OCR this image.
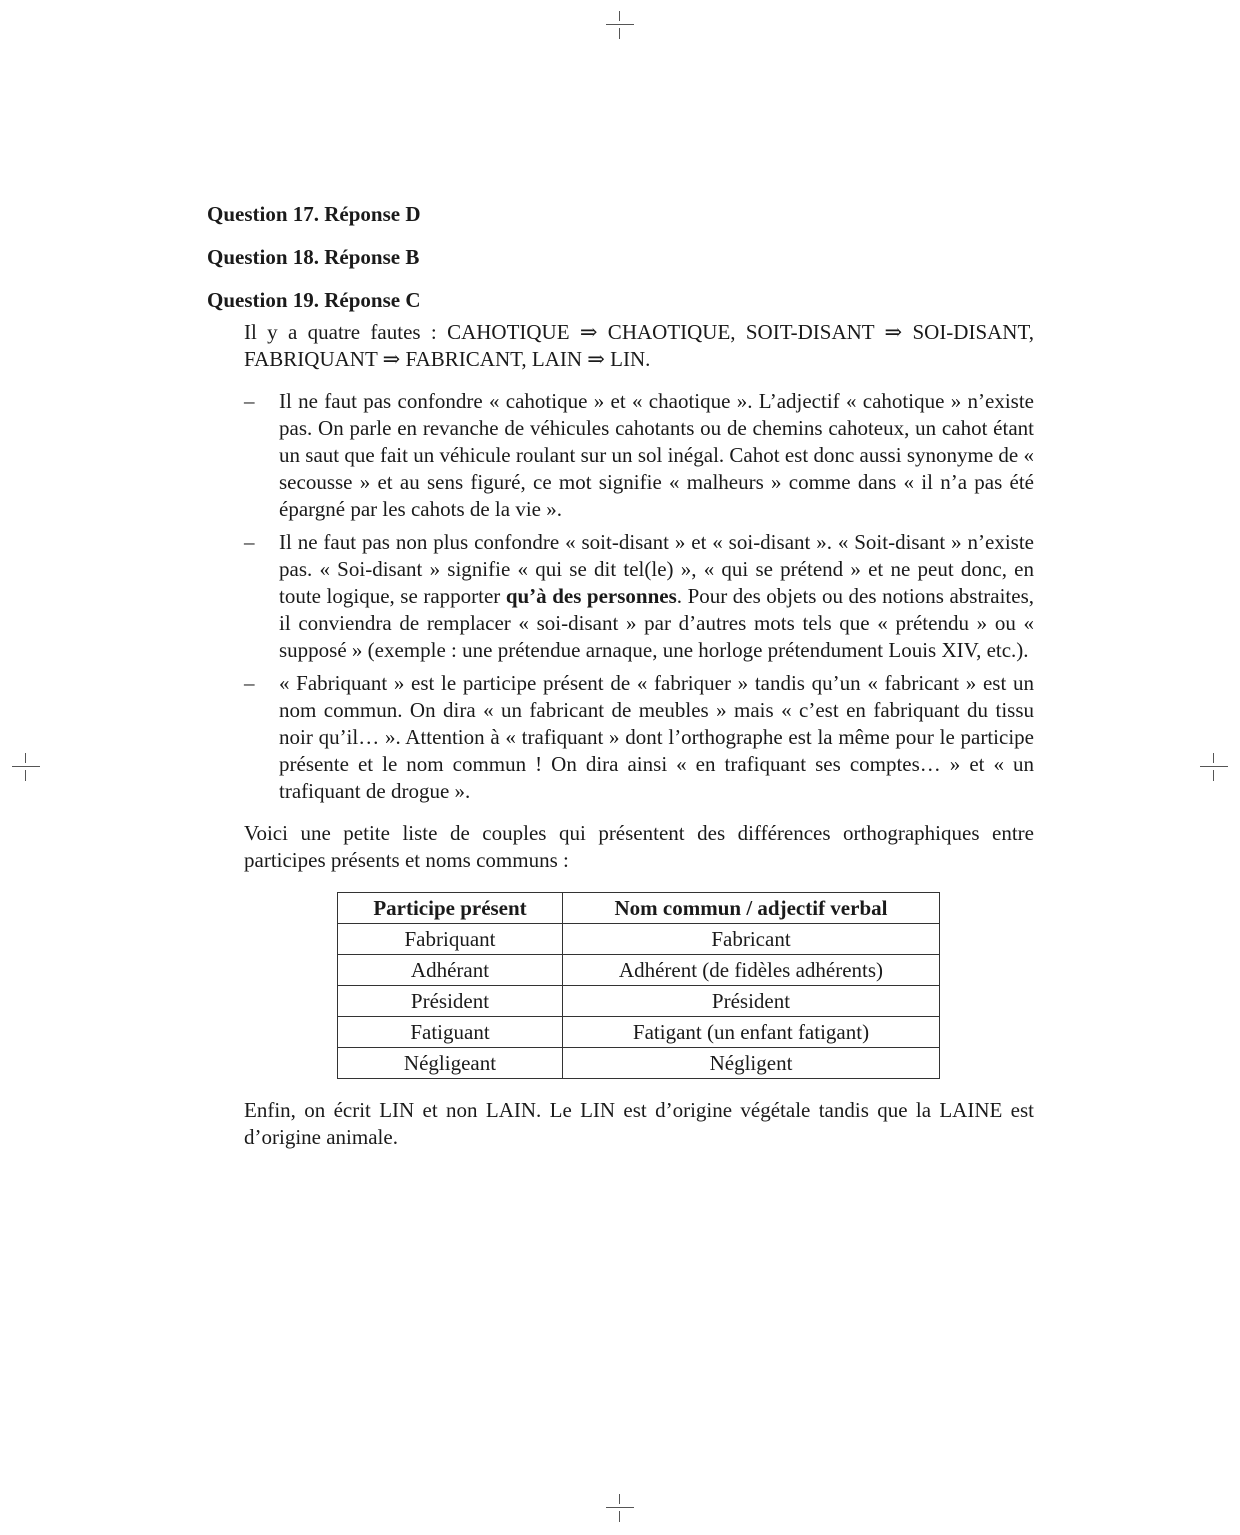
Question 17. Réponse D

Question 18. Réponse B

Question 19. Réponse C

Il y a quatre fautes : CAHOTIQUE ⇒ CHAOTIQUE, SOIT-DISANT ⇒ SOI-DISANT, FABRIQUANT ⇒ FABRICANT, LAIN ⇒ LIN.

– Il ne faut pas confondre « cahotique » et « chaotique ». L’adjectif « cahotique » n’existe pas. On parle en revanche de véhicules cahotants ou de chemins cahoteux, un cahot étant un saut que fait un véhicule roulant sur un sol inégal. Cahot est donc aussi synonyme de « secousse » et au sens figuré, ce mot signifie « malheurs » comme dans « il n’a pas été épargné par les cahots de la vie ».
– Il ne faut pas non plus confondre « soit-disant » et « soi-disant ». « Soit-disant » n’existe pas. « Soi-disant » signifie « qui se dit tel(le) », « qui se prétend » et ne peut donc, en toute logique, se rapporter qu’à des personnes. Pour des objets ou des notions abstraites, il conviendra de remplacer « soi-disant » par d’autres mots tels que « prétendu » ou « supposé » (exemple : une prétendue arnaque, une horloge prétendument Louis XIV, etc.).
– « Fabriquant » est le participe présent de « fabriquer » tandis qu’un « fabricant » est un nom commun. On dira « un fabricant de meubles » mais « c’est en fabriquant du tissu noir qu’il… ». Attention à « trafiquant » dont l’orthographe est la même pour le participe présente et le nom commun ! On dira ainsi « en trafiquant ses comptes… » et « un trafiquant de drogue ».

Voici une petite liste de couples qui présentent des différences orthographiques entre participes présents et noms communs :

Participe présent	Nom commun / adjectif verbal
Fabriquant	Fabricant
Adhérant	Adhérent (de fidèles adhérents)
Président	Président
Fatiguant	Fatigant (un enfant fatigant)
Négligeant	Négligent

Enfin, on écrit LIN et non LAIN. Le LIN est d’origine végétale tandis que la LAINE est d’origine animale.
